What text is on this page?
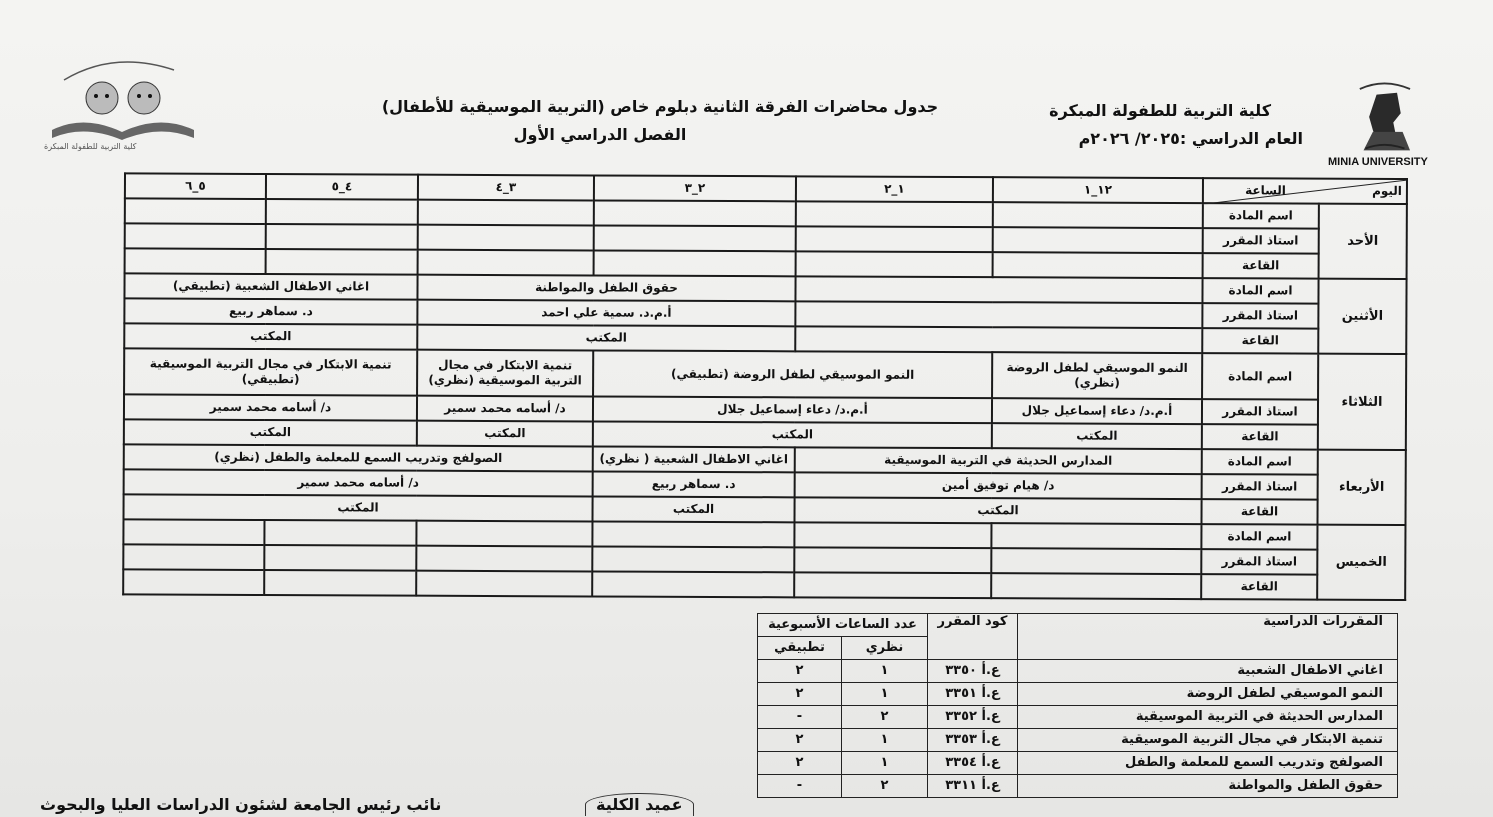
MINIA UNIVERSITY
كلية التربية للطفولة المبكرة
كلية التربية للطفولة المبكرة
العام الدراسي :٢٠٢٥/ ٢٠٢٦م
جدول محاضرات الفرقة الثانية دبلوم خاص (التربية الموسيقية للأطفال)
الفصل الدراسي الأول
اليوم
الساعة		١٢_١	١_٢	٢_٣	٣_٤	٤_٥	٥_٦
الأحد	اسم المادة						
	استاذ المقرر						
	القاعة						
الأثنين	اسم المادة			حقوق الطفل والمواطنة		اغاني الاطفال الشعبية (تطبيقي)	
	استاذ المقرر			أ.م.د. سمية علي احمد		د. سماهر ربيع	
	القاعة			المكتب		المكتب	
الثلاثاء	اسم المادة	النمو الموسيقي لطفل الروضة (نظري)	النمو الموسيقي لطفل الروضة (تطبيقي)		تنمية الابتكار في مجال التربية الموسيقية (نظري)	تنمية الابتكار في مجال التربية الموسيقية (تطبيقي)	
	استاذ المقرر	أ.م.د/ دعاء إسماعيل جلال	أ.م.د/ دعاء إسماعيل جلال		د/ أسامه محمد سمير	د/ أسامه محمد سمير	
	القاعة	المكتب	المكتب		المكتب	المكتب	
الأربعاء	اسم المادة	المدارس الحديثة في التربية الموسيقية		اغاني الاطفال الشعبية ( نظري)	الصولفج وتدريب السمع للمعلمة والطفل (نظري)		
	استاذ المقرر	د/ هيام توفيق أمين		د. سماهر ربيع	د/ أسامه محمد سمير		
	القاعة	المكتب		المكتب	المكتب		
الخميس	اسم المادة						
	استاذ المقرر						
	القاعة						
المقررات الدراسية	كود المقرر	عدد الساعات الأسبوعية	
		نظري	تطبيقي
اغاني الاطفال الشعبية	ع.أ ٣٣٥٠	١	٢
النمو الموسيقي لطفل الروضة	ع.أ ٣٣٥١	١	٢
المدارس الحديثة في التربية الموسيقية	ع.أ ٣٣٥٢	٢	-
تنمية الابتكار في مجال التربية الموسيقية	ع.أ ٣٣٥٣	١	٢
الصولفج وتدريب السمع للمعلمة والطفل	ع.أ ٣٣٥٤	١	٢
حقوق الطفل والمواطنة	ع.أ ٣٣١١	٢	-
عميد الكلية
نائب رئيس الجامعة لشئون الدراسات العليا والبحوث
